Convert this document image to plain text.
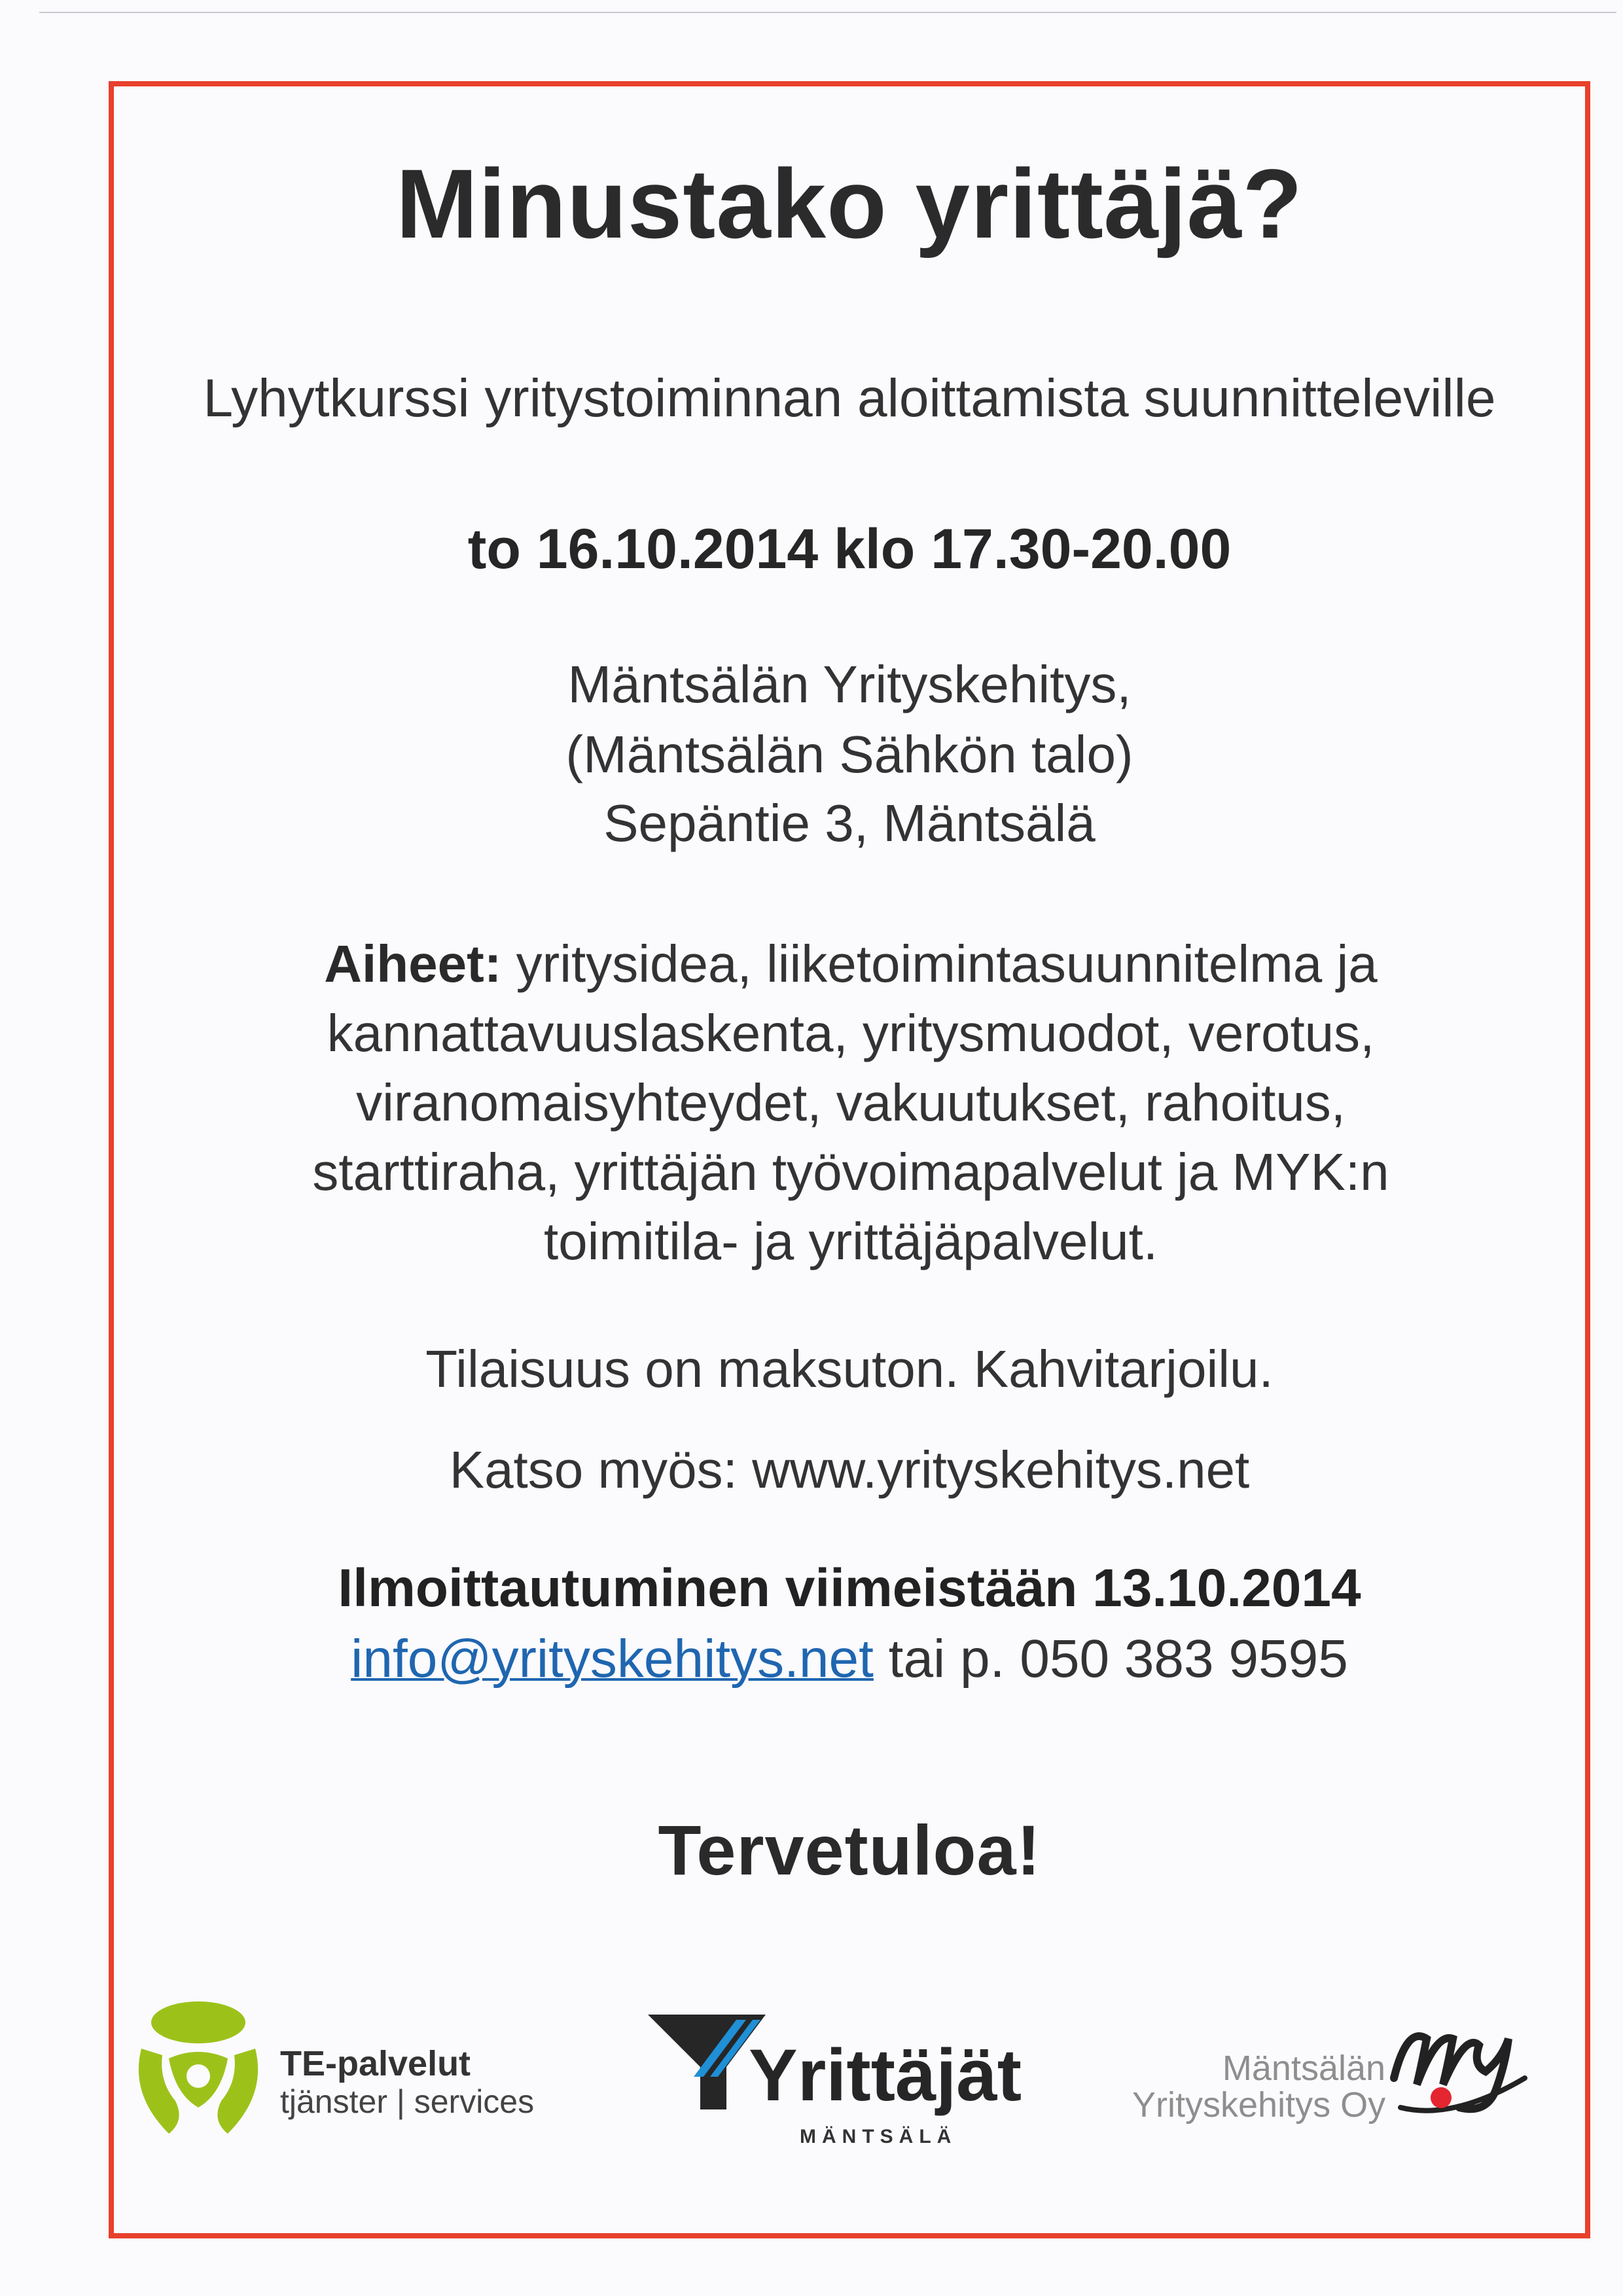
Minustako yrittäjä?
Lyhytkurssi yritystoiminnan aloittamista suunnitteleville
to 16.10.2014 klo 17.30-20.00
Mäntsälän Yrityskehitys,
(Mäntsälän Sähkön talo)
Sepäntie 3, Mäntsälä
Aiheet: yritysidea, liiketoimintasuunnitelma ja kannattavuuslaskenta, yritysmuodot, verotus, viranomaisyhteydet, vakuutukset, rahoitus, starttiraha, yrittäjän työvoimapalvelut ja MYK:n toimitila- ja yrittäjäpalvelut.
Tilaisuus on maksuton. Kahvitarjoilu.
Katso myös: www.yrityskehitys.net
Ilmoittautuminen viimeistään 13.10.2014
info@yrityskehitys.net tai p. 050 383 9595
Tervetuloa!
TE-palvelut
tjänster | services	Yrittäjät
MÄNTSÄLÄ
Mäntsälän
Yrityskehitys Oy
